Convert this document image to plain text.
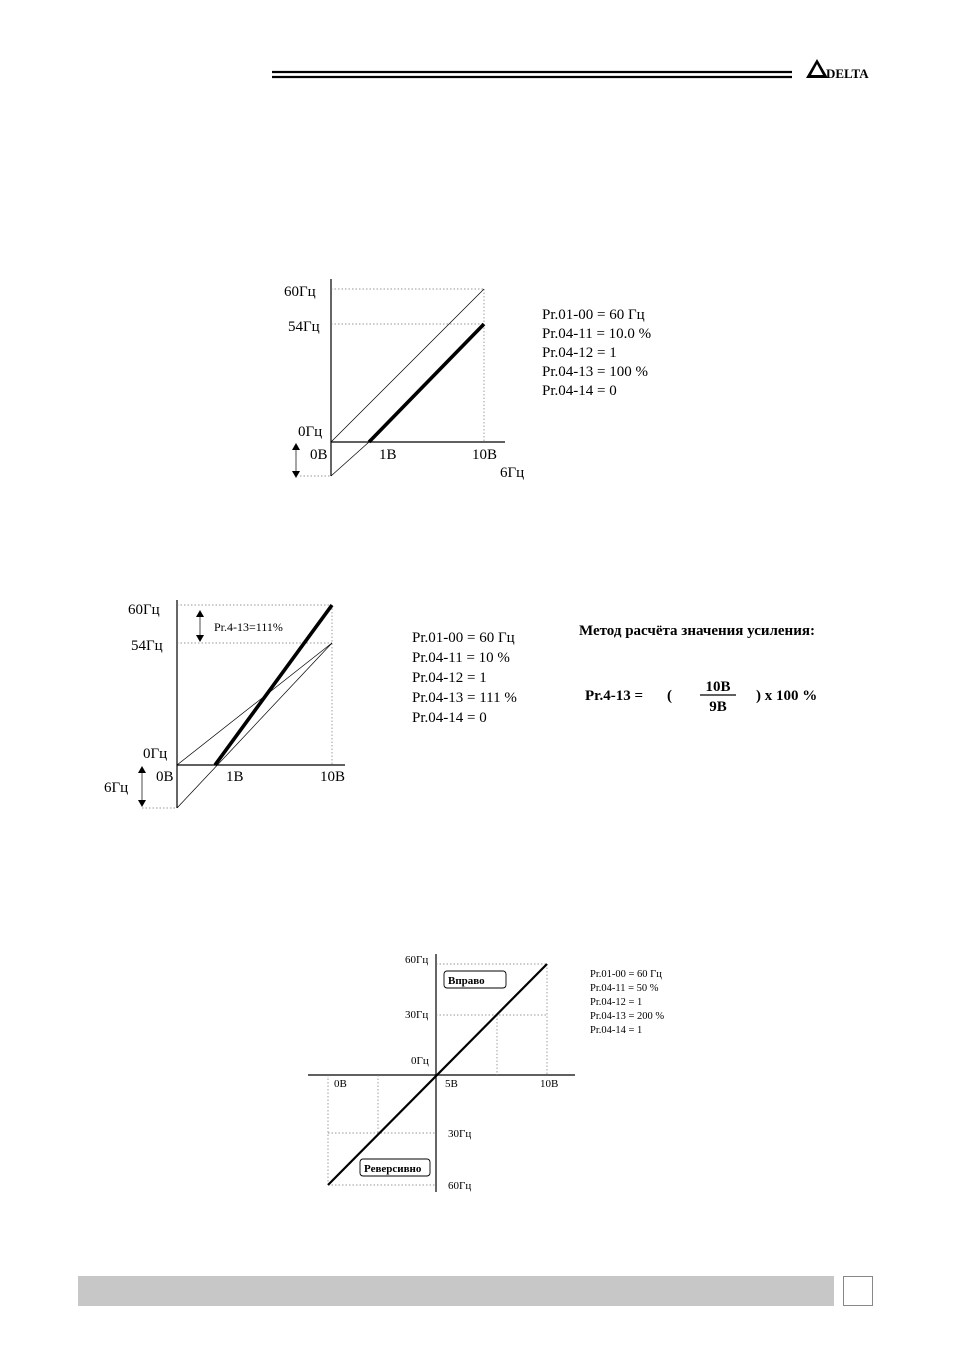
DELTA
60Гц
54Гц
0Гц
0В	1В	10В
6Гц
Pr.01-00 = 60 Гц
Pr.04-11 = 10.0 %
Pr.04-12 = 1
Pr.04-13 = 100 %
Pr.04-14 = 0
Pr.4-13=111%
60Гц
54Гц
0Гц
0В	1В	10В
6Гц
Pr.01-00 = 60 Гц
Pr.04-11 = 10 %
Pr.04-12 = 1
Pr.04-13 = 111 %
Pr.04-14 = 0
Метод расчёта значения усиления:
Pr.4-13 = (
10В
9В
) x 100 %
60Гц
30Гц
0Гц
0В	5В	10В
30Гц
60Гц
Вправо
Реверсивно
Pr.01-00 = 60 Гц
Pr.04-11 = 50 %
Pr.04-12 = 1
Pr.04-13 = 200 %
Pr.04-14 = 1
